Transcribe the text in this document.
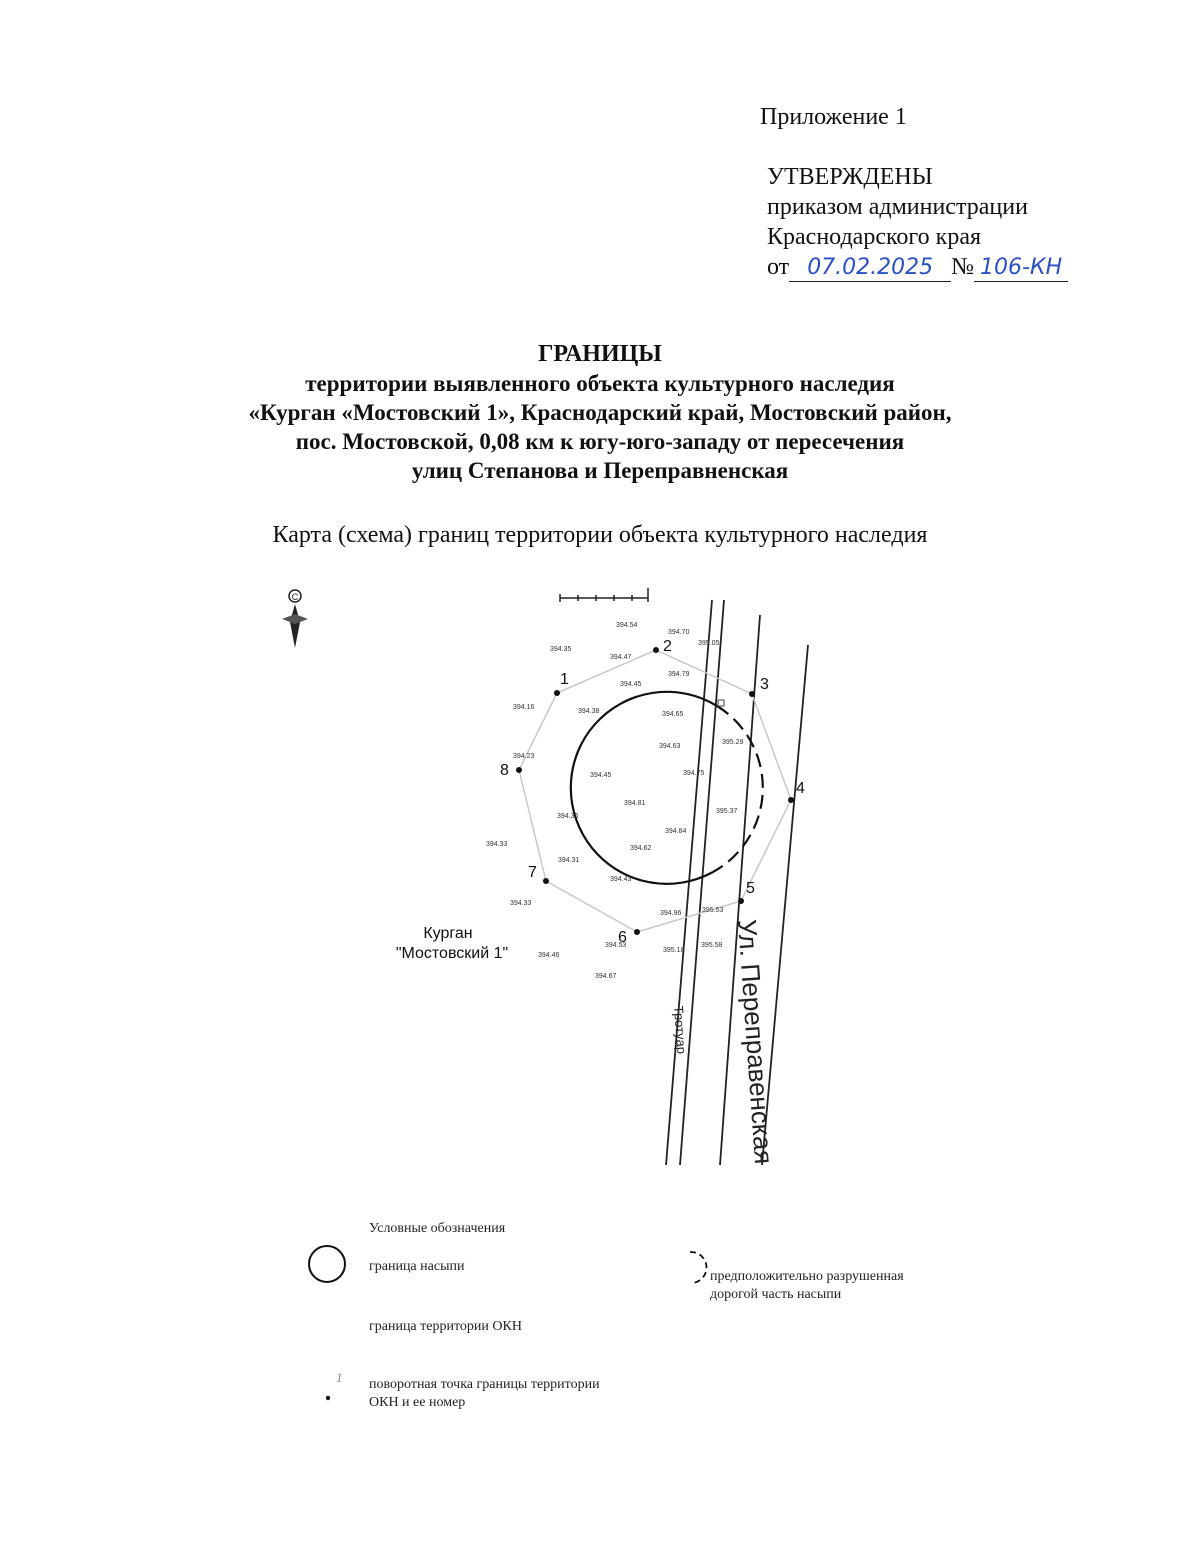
Приложение 1
УТВЕРЖДЕНЫ
приказом администрации
Краснодарского края
от 07.02.2025 № 106-КН
ГРАНИЦЫ
территории выявленного объекта культурного наследия
«Курган «Мостовский 1», Краснодарский край, Мостовский район,
пос. Мостовской, 0,08 км к югу-юго-западу от пересечения
улиц Степанова и Переправненская
Карта (схема) границ территории объекта культурного наследия
С
Ул. Переправенская
Тротуар
1
2
3
4
5
6
7
8
394.54
394.70
395.05
394.35
394.47
394.79
394.45
394.16
394.38	394.65
394.23
394.63
395.29
394.45	394.75
394.81
395.37
394.36
394.84
394.33
394.62
394.31
394.43
394.33
394.96	395.53
394.53
395.18
395.58
394.46
394.67
Курган
"Мостовский 1"
Условные обозначения
граница насыпи
предположительно разрушенная
дорогой часть насыпи
граница территории ОКН
1 поворотная точка границы территории
ОКН и ее номер
